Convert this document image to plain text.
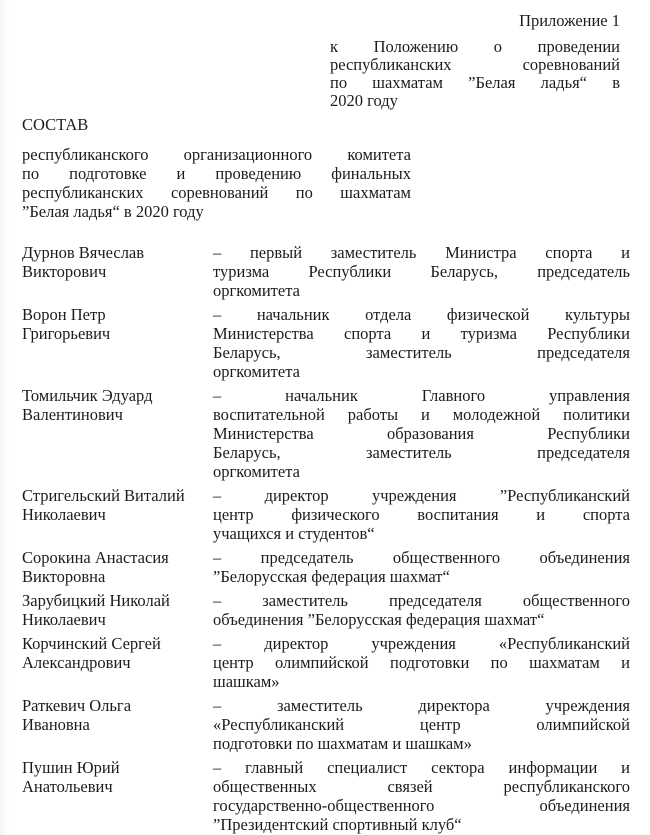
Приложение 1
к Положению о проведении
республиканских соревнований
по шахматам ”Белая ладья“ в
2020 году
СОСТАВ
республиканского организационного комитета
по подготовке и проведению финальных
республиканских соревнований по шахматам
”Белая ладья“ в 2020 году
Дурнов Вячеслав
Викторович
– первый заместитель Министра спорта и
туризма Республики Беларусь, председатель
оргкомитета
Ворон Петр
Григорьевич
– начальник отдела физической культуры
Министерства спорта и туризма Республики
Беларусь, заместитель председателя
оргкомитета
Томильчик Эдуард
Валентинович
– начальник Главного управления
воспитательной работы и молодежной политики
Министерства образования Республики
Беларусь, заместитель председателя
оргкомитета
Стригельский Виталий
Николаевич
– директор учреждения ”Республиканский
центр физического воспитания и спорта
учащихся и студентов“
Сорокина Анастасия
Викторовна
– председатель общественного объединения
”Белорусская федерация шахмат“
Зарубицкий Николай
Николаевич
– заместитель председателя общественного
объединения ”Белорусская федерация шахмат“
Корчинский Сергей
Александрович
– директор учреждения «Республиканский
центр олимпийской подготовки по шахматам и
шашкам»
Раткевич Ольга
Ивановна
– заместитель директора учреждения
«Республиканский центр олимпийской
подготовки по шахматам и шашкам»
Пушин Юрий
Анатольевич
– главный специалист сектора информации и
общественных связей республиканского
государственно-общественного объединения
”Президентский спортивный клуб“
